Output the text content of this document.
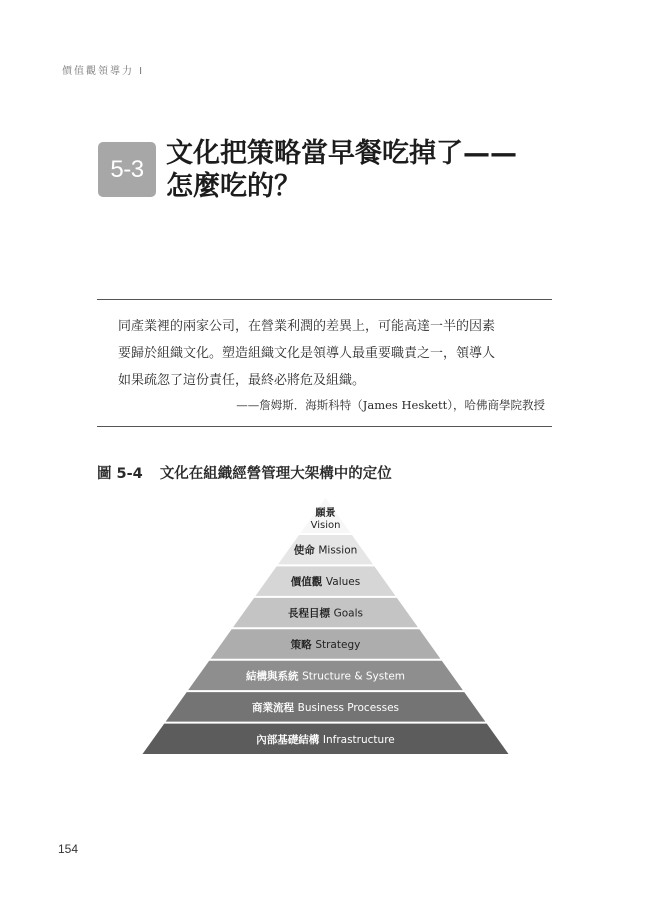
價值觀領導力 I
5-3 文化把策略當早餐吃掉了——
怎麼吃的？
同產業裡的兩家公司，在營業利潤的差異上，可能高達一半的因素
要歸於組織文化。塑造組織文化是領導人最重要職責之一，領導人
如果疏忽了這份責任，最終必將危及組織。
——詹姆斯．海斯科特（James Heskett），哈佛商學院教授
圖 5-4 文化在組織經營管理大架構中的定位
願景
Vision
使命 Mission
價值觀 Values
長程目標 Goals
策略 Strategy
結構與系統 Structure & System
商業流程 Business Processes
內部基礎結構 Infrastructure
154
